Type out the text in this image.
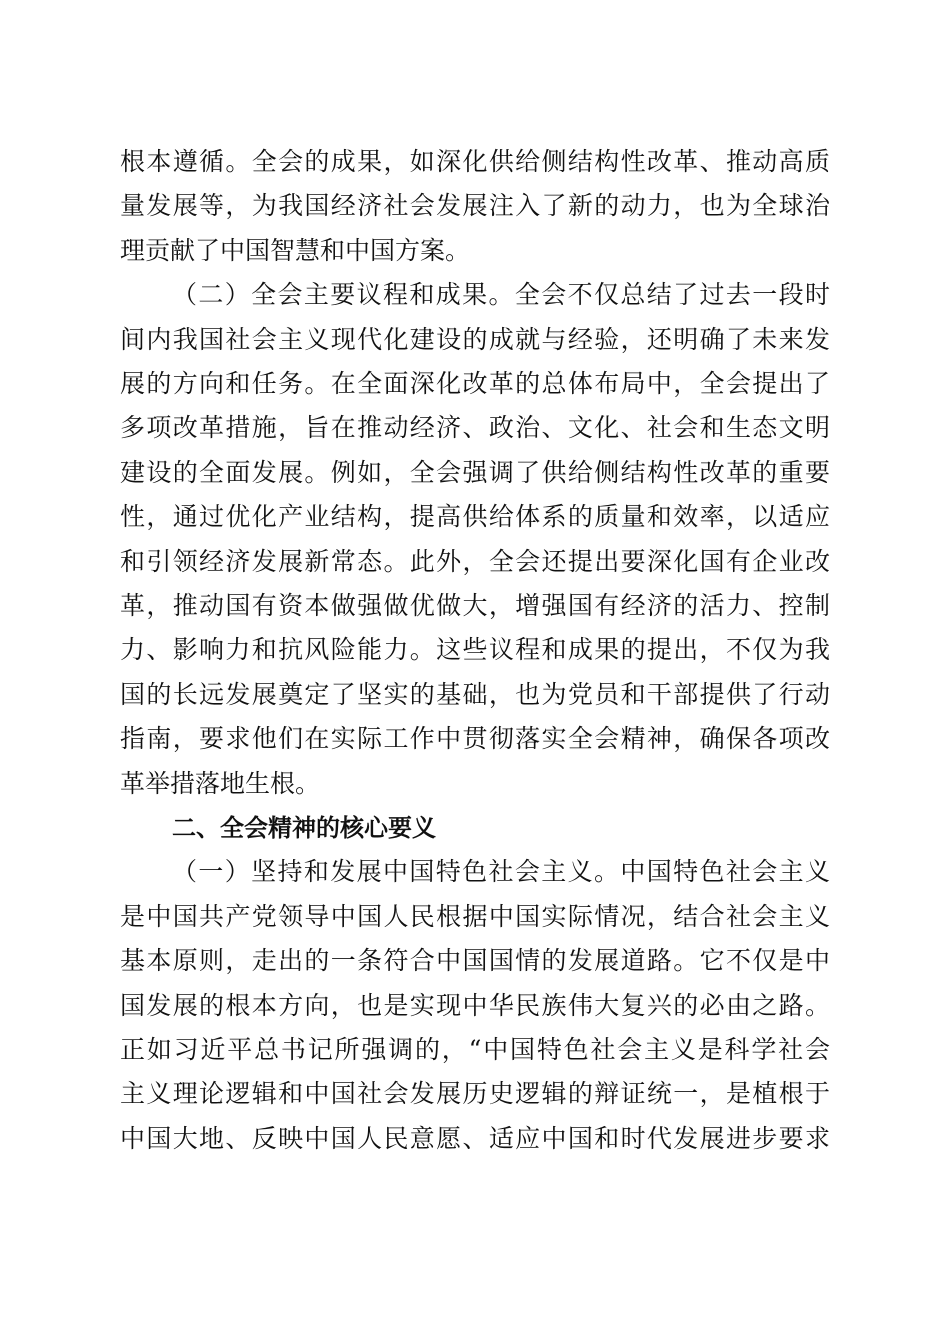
根本遵循。全会的成果，如深化供给侧结构性改革、推动高质
量发展等，为我国经济社会发展注入了新的动力，也为全球治
理贡献了中国智慧和中国方案。
（二）全会主要议程和成果。全会不仅总结了过去一段时
间内我国社会主义现代化建设的成就与经验，还明确了未来发
展的方向和任务。在全面深化改革的总体布局中，全会提出了
多项改革措施，旨在推动经济、政治、文化、社会和生态文明
建设的全面发展。例如，全会强调了供给侧结构性改革的重要
性，通过优化产业结构，提高供给体系的质量和效率，以适应
和引领经济发展新常态。此外，全会还提出要深化国有企业改
革，推动国有资本做强做优做大，增强国有经济的活力、控制
力、影响力和抗风险能力。这些议程和成果的提出，不仅为我
国的长远发展奠定了坚实的基础，也为党员和干部提供了行动
指南，要求他们在实际工作中贯彻落实全会精神，确保各项改
革举措落地生根。
二、全会精神的核心要义
（一）坚持和发展中国特色社会主义。中国特色社会主义
是中国共产党领导中国人民根据中国实际情况，结合社会主义
基本原则，走出的一条符合中国国情的发展道路。它不仅是中
国发展的根本方向，也是实现中华民族伟大复兴的必由之路。
正如习近平总书记所强调的，“中国特色社会主义是科学社会
主义理论逻辑和中国社会发展历史逻辑的辩证统一，是植根于
中国大地、反映中国人民意愿、适应中国和时代发展进步要求
